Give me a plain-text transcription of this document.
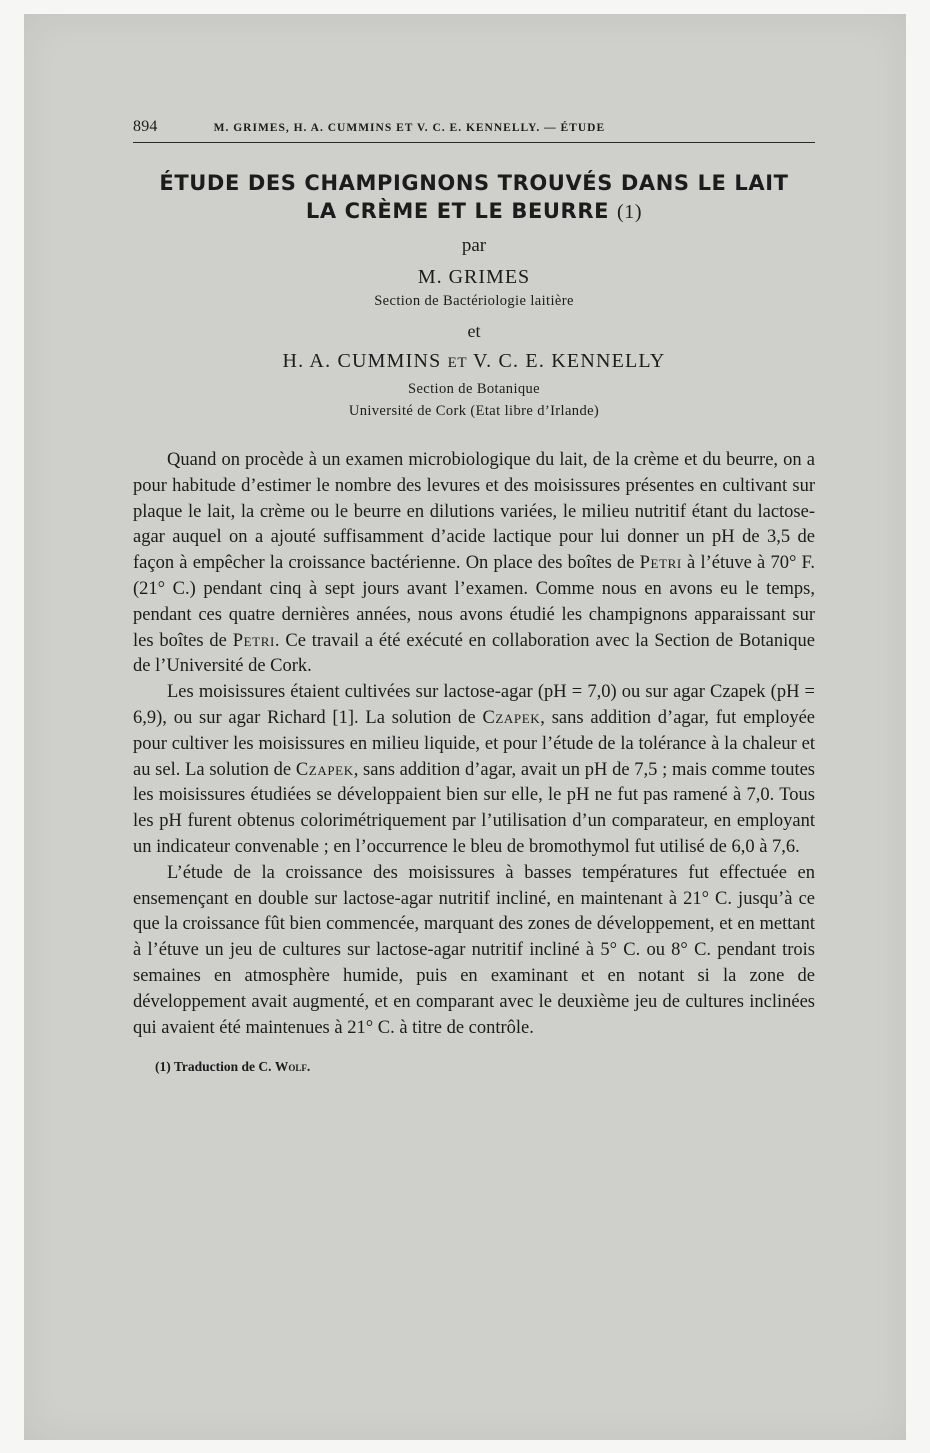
894	M. GRIMES, H. A. CUMMINS ET V. C. E. KENNELLY. — ÉTUDE
ÉTUDE DES CHAMPIGNONS TROUVÉS DANS LE LAIT
LA CRÈME ET LE BEURRE (1)
par
M. GRIMES
Section de Bactériologie laitière
et
H. A. CUMMINS ET V. C. E. KENNELLY
Section de Botanique
Université de Cork (Etat libre d’Irlande)

Quand on procède à un examen microbiologique du lait, de la crème et du beurre, on a pour habitude d’estimer le nombre des levures et des moisissures présentes en cultivant sur plaque le lait, la crème ou le beurre en dilutions variées, le milieu nutritif étant du lactose-agar auquel on a ajouté suffisamment d’acide lactique pour lui donner un pH de 3,5 de façon à empêcher la croissance bactérienne. On place des boîtes de Petri à l’étuve à 70° F. (21° C.) pendant cinq à sept jours avant l’examen. Comme nous en avons eu le temps, pendant ces quatre dernières années, nous avons étudié les champignons apparaissant sur les boîtes de Petri. Ce travail a été exécuté en collaboration avec la Section de Botanique de l’Université de Cork.

Les moisissures étaient cultivées sur lactose-agar (pH = 7,0) ou sur agar Czapek (pH = 6,9), ou sur agar Richard [1]. La solution de Czapek, sans addition d’agar, fut employée pour cultiver les moisissures en milieu liquide, et pour l’étude de la tolérance à la chaleur et au sel. La solution de Czapek, sans addition d’agar, avait un pH de 7,5 ; mais comme toutes les moisissures étudiées se développaient bien sur elle, le pH ne fut pas ramené à 7,0. Tous les pH furent obtenus colorimétriquement par l’utilisation d’un comparateur, en employant un indicateur convenable ; en l’occurrence le bleu de bromothymol fut utilisé de 6,0 à 7,6.

L’étude de la croissance des moisissures à basses températures fut effectuée en ensemençant en double sur lactose-agar nutritif incliné, en maintenant à 21° C. jusqu’à ce que la croissance fût bien commencée, marquant des zones de développement, et en mettant à l’étuve un jeu de cultures sur lactose-agar nutritif incliné à 5° C. ou 8° C. pendant trois semaines en atmosphère humide, puis en examinant et en notant si la zone de développement avait augmenté, et en comparant avec le deuxième jeu de cultures inclinées qui avaient été maintenues à 21° C. à titre de contrôle.

(1) Traduction de C. Wolf.
